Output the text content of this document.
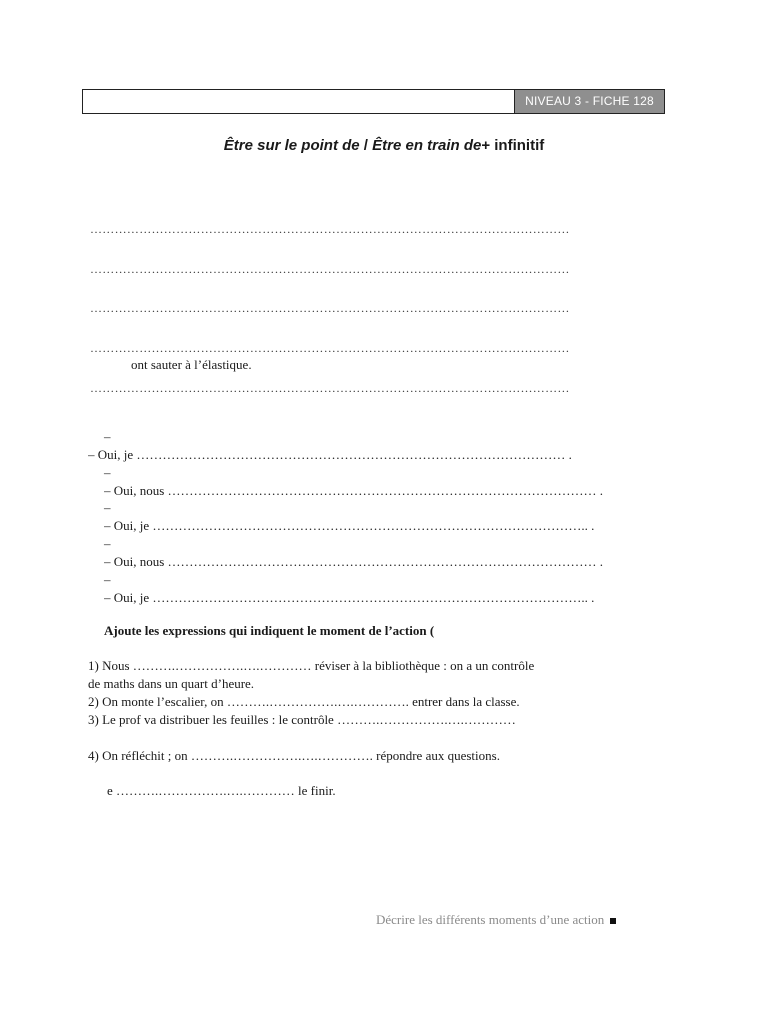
NIVEAU 3 - FICHE 128
Être sur le point de / Être en train de+ infinitif
………………………………………………………………………………………………………
………………………………………………………………………………………………………
………………………………………………………………………………………………………
………………………………………………………………………………………………………
ont sauter à l’élastique.
………………………………………………………………………………………………………
–
– Oui, je ……………………………………………………………………………………… .
–
– Oui, nous ……………………………………………………………………………………… .
–
– Oui, je ……………………………………………………………………………………….. .
–
– Oui, nous ……………………………………………………………………………………… .
–
– Oui, je ……………………………………………………………………………………….. .
Ajoute les expressions qui indiquent le moment de l’action (
1) Nous ……….…………….….………… réviser à la bibliothèque : on a un contrôle
de maths dans un quart d’heure.
2) On monte l’escalier, on ……….…………….….…………. entrer dans la classe.
3) Le prof va distribuer les feuilles : le contrôle ……….…………….….…………
4) On réfléchit ; on ……….…………….….…………. répondre aux questions.
e ……….…………….….………… le finir.
Décrire les différents moments d’une action
